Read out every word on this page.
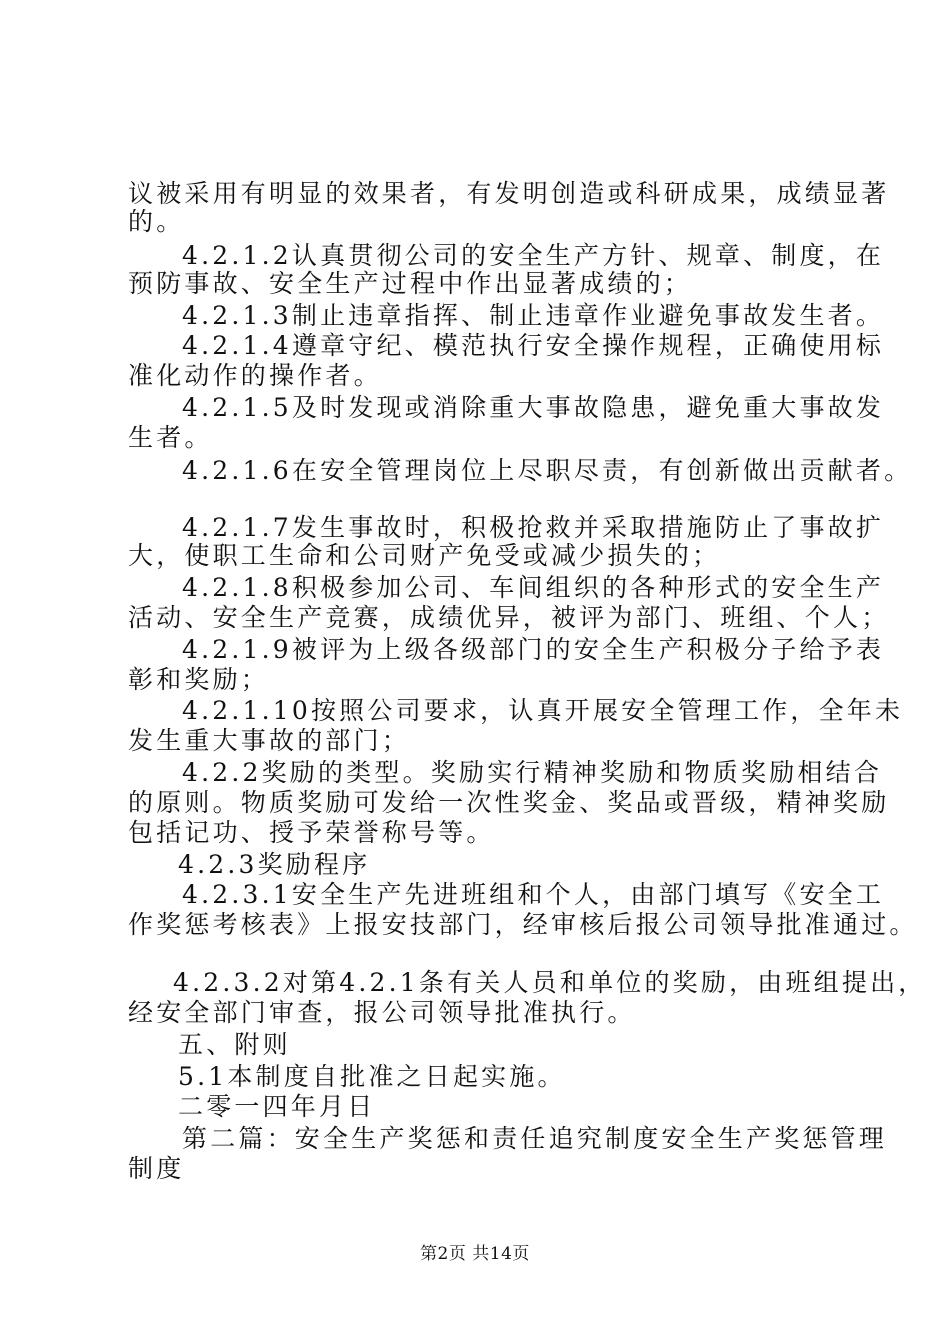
议被采用有明显的效果者，有发明创造或科研成果，成绩显著
的。
4.2.1.2认真贯彻公司的安全生产方针、规章、制度，在
预防事故、安全生产过程中作出显著成绩的；
4.2.1.3制止违章指挥、制止违章作业避免事故发生者。
4.2.1.4遵章守纪、模范执行安全操作规程，正确使用标
准化动作的操作者。
4.2.1.5及时发现或消除重大事故隐患，避免重大事故发
生者。
4.2.1.6在安全管理岗位上尽职尽责，有创新做出贡献者。
4.2.1.7发生事故时，积极抢救并采取措施防止了事故扩
大，使职工生命和公司财产免受或减少损失的；
4.2.1.8积极参加公司、车间组织的各种形式的安全生产
活动、安全生产竞赛，成绩优异，被评为部门、班组、个人；
4.2.1.9被评为上级各级部门的安全生产积极分子给予表
彰和奖励；
4.2.1.10按照公司要求，认真开展安全管理工作，全年未
发生重大事故的部门；
4.2.2奖励的类型。奖励实行精神奖励和物质奖励相结合
的原则。物质奖励可发给一次性奖金、奖品或晋级，精神奖励
包括记功、授予荣誉称号等。
4.2.3奖励程序
4.2.3.1安全生产先进班组和个人，由部门填写《安全工
作奖惩考核表》上报安技部门，经审核后报公司领导批准通过。
4.2.3.2对第4.2.1条有关人员和单位的奖励，由班组提出，
经安全部门审查，报公司领导批准执行。
五、附则
5.1本制度自批准之日起实施。
二零一四年月日
第二篇：安全生产奖惩和责任追究制度安全生产奖惩管理
制度
第2页 共14页
